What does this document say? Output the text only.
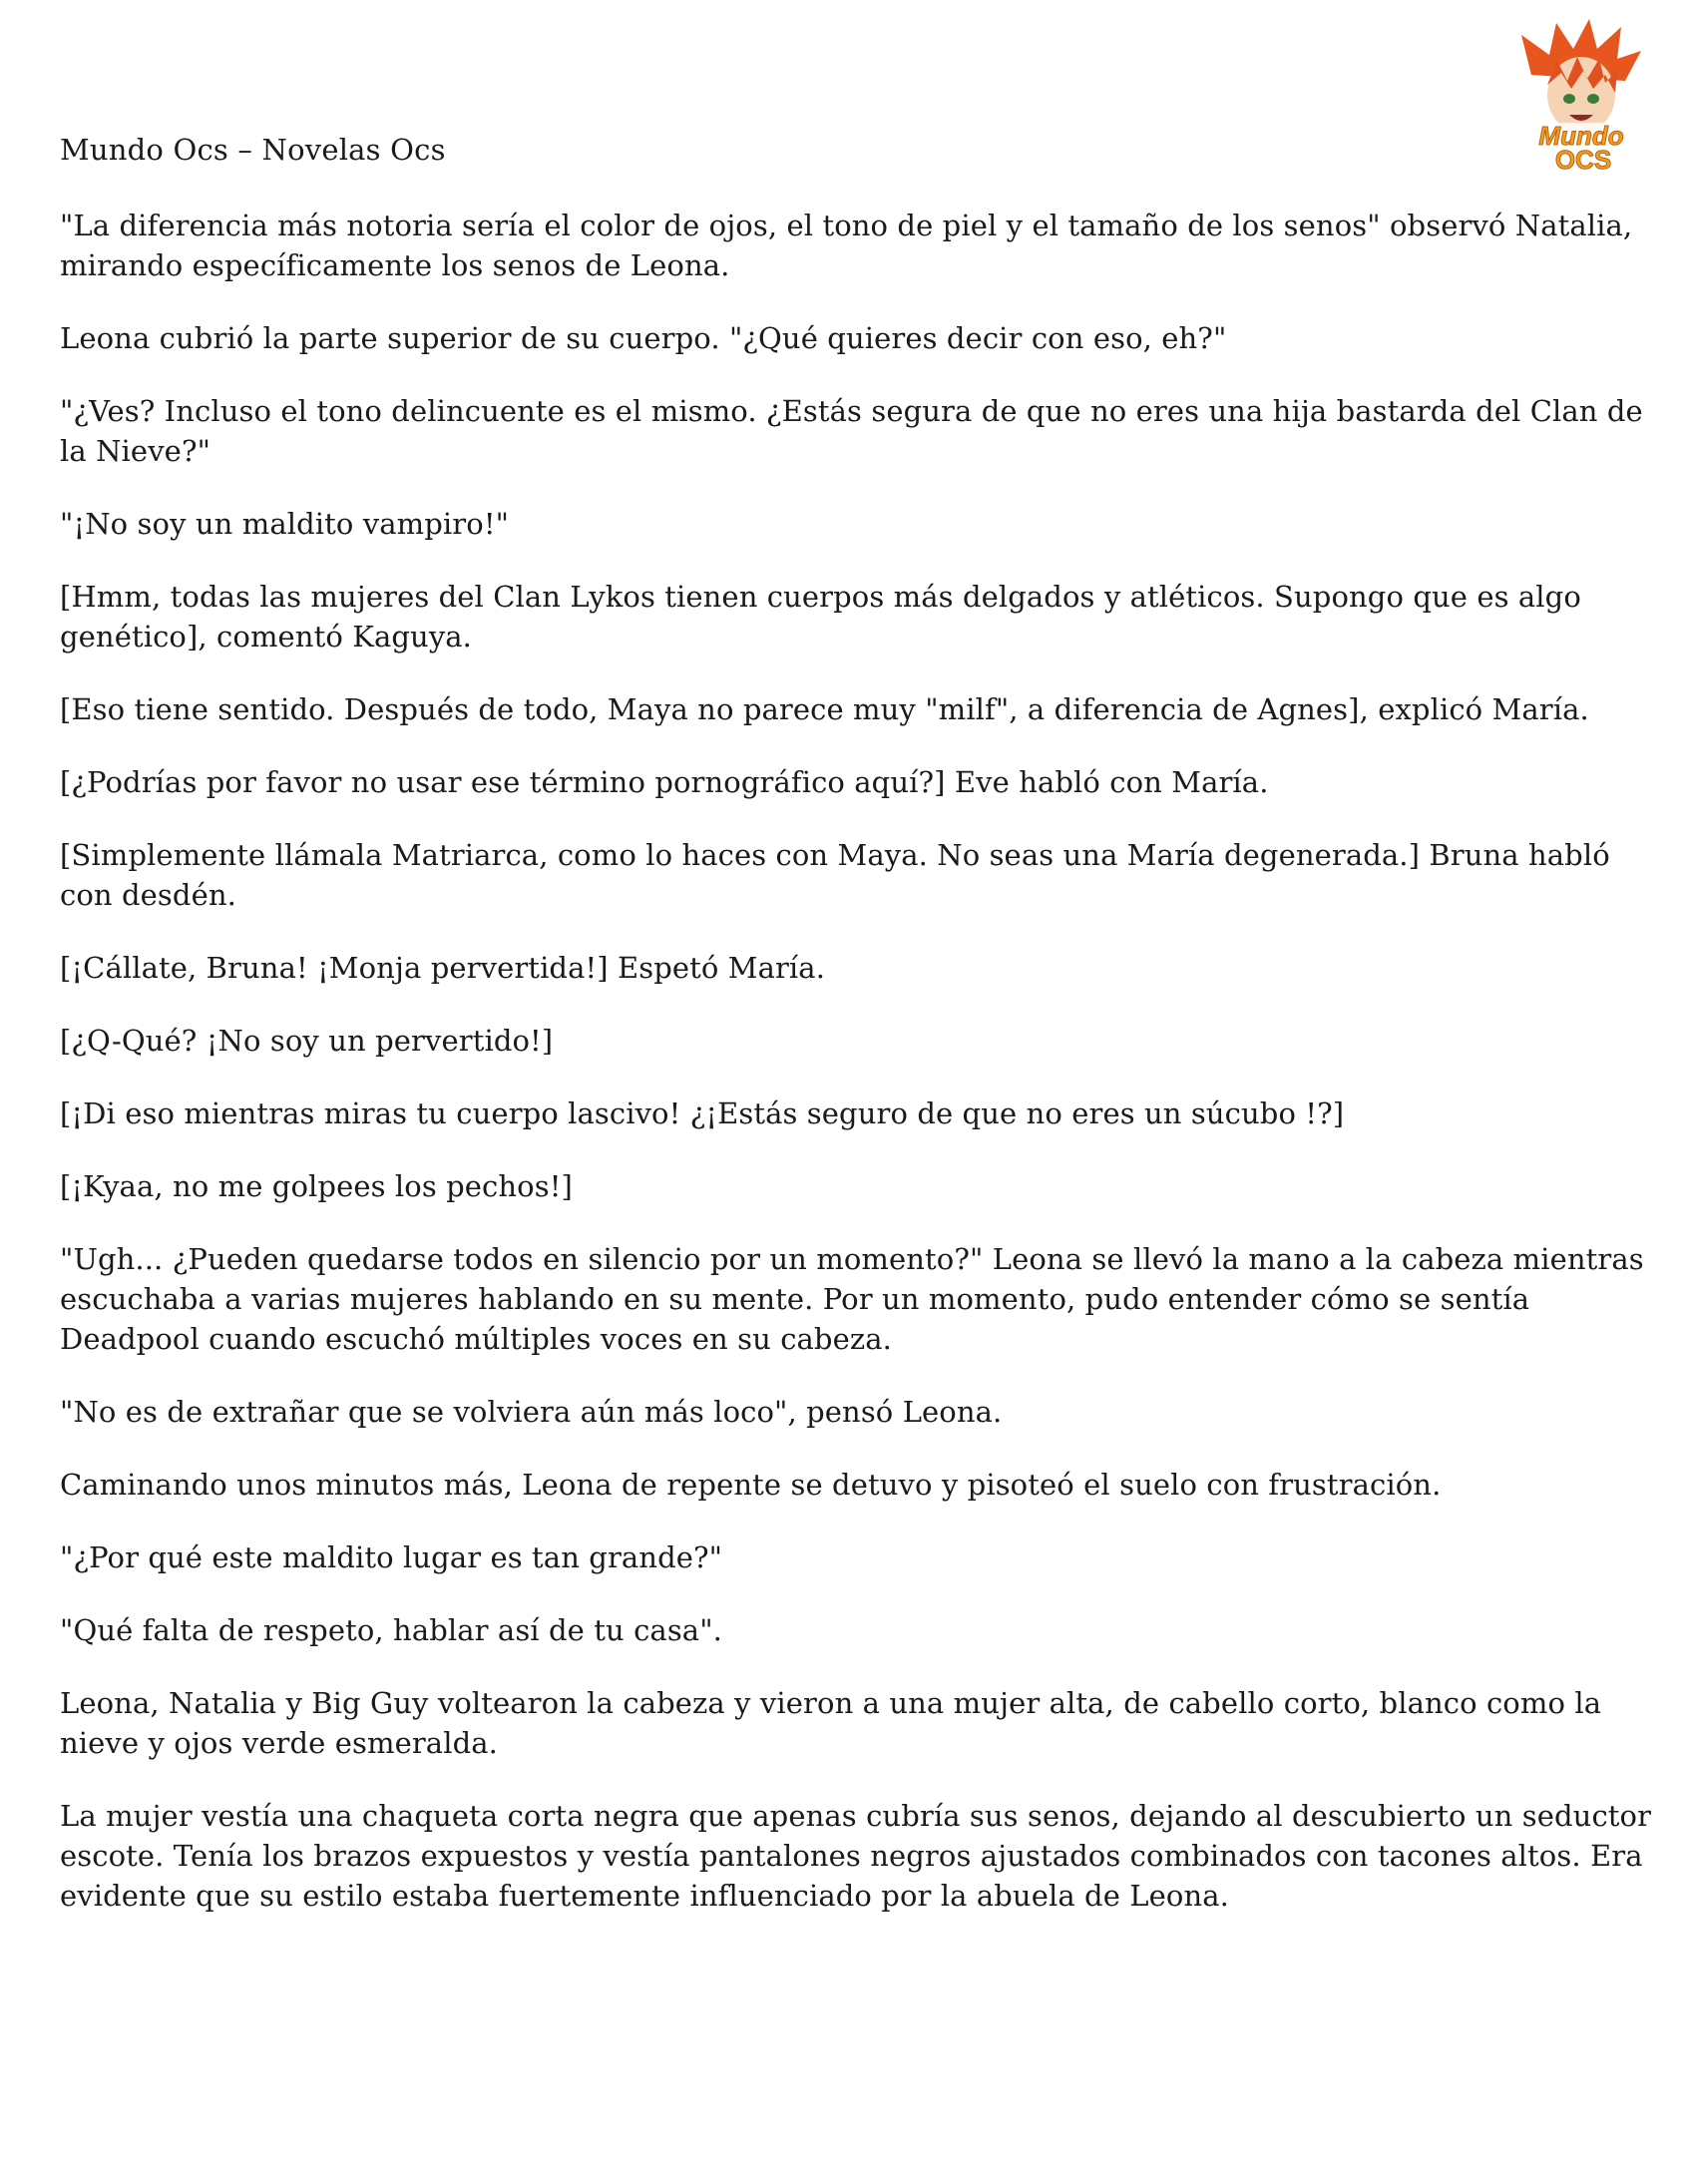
Mundo Ocs – Novelas Ocs	Mundo
OCS

"La diferencia más notoria sería el color de ojos, el tono de piel y el tamaño de los senos" observó Natalia, mirando específicamente los senos de Leona.

Leona cubrió la parte superior de su cuerpo. "¿Qué quieres decir con eso, eh?"

"¿Ves? Incluso el tono delincuente es el mismo. ¿Estás segura de que no eres una hija bastarda del Clan de la Nieve?"

"¡No soy un maldito vampiro!"

[Hmm, todas las mujeres del Clan Lykos tienen cuerpos más delgados y atléticos. Supongo que es algo genético], comentó Kaguya.

[Eso tiene sentido. Después de todo, Maya no parece muy "milf", a diferencia de Agnes], explicó María.

[¿Podrías por favor no usar ese término pornográfico aquí?] Eve habló con María.

[Simplemente llámala Matriarca, como lo haces con Maya. No seas una María degenerada.] Bruna habló con desdén.

[¡Cállate, Bruna! ¡Monja pervertida!] Espetó María.

[¿Q-Qué? ¡No soy un pervertido!]

[¡Di eso mientras miras tu cuerpo lascivo! ¿¡Estás seguro de que no eres un súcubo !?]

[¡Kyaa, no me golpees los pechos!]

"Ugh... ¿Pueden quedarse todos en silencio por un momento?" Leona se llevó la mano a la cabeza mientras escuchaba a varias mujeres hablando en su mente. Por un momento, pudo entender cómo se sentía Deadpool cuando escuchó múltiples voces en su cabeza.

"No es de extrañar que se volviera aún más loco", pensó Leona.

Caminando unos minutos más, Leona de repente se detuvo y pisoteó el suelo con frustración.

"¿Por qué este maldito lugar es tan grande?"

"Qué falta de respeto, hablar así de tu casa".

Leona, Natalia y Big Guy voltearon la cabeza y vieron a una mujer alta, de cabello corto, blanco como la nieve y ojos verde esmeralda.

La mujer vestía una chaqueta corta negra que apenas cubría sus senos, dejando al descubierto un seductor escote. Tenía los brazos expuestos y vestía pantalones negros ajustados combinados con tacones altos. Era evidente que su estilo estaba fuertemente influenciado por la abuela de Leona.
